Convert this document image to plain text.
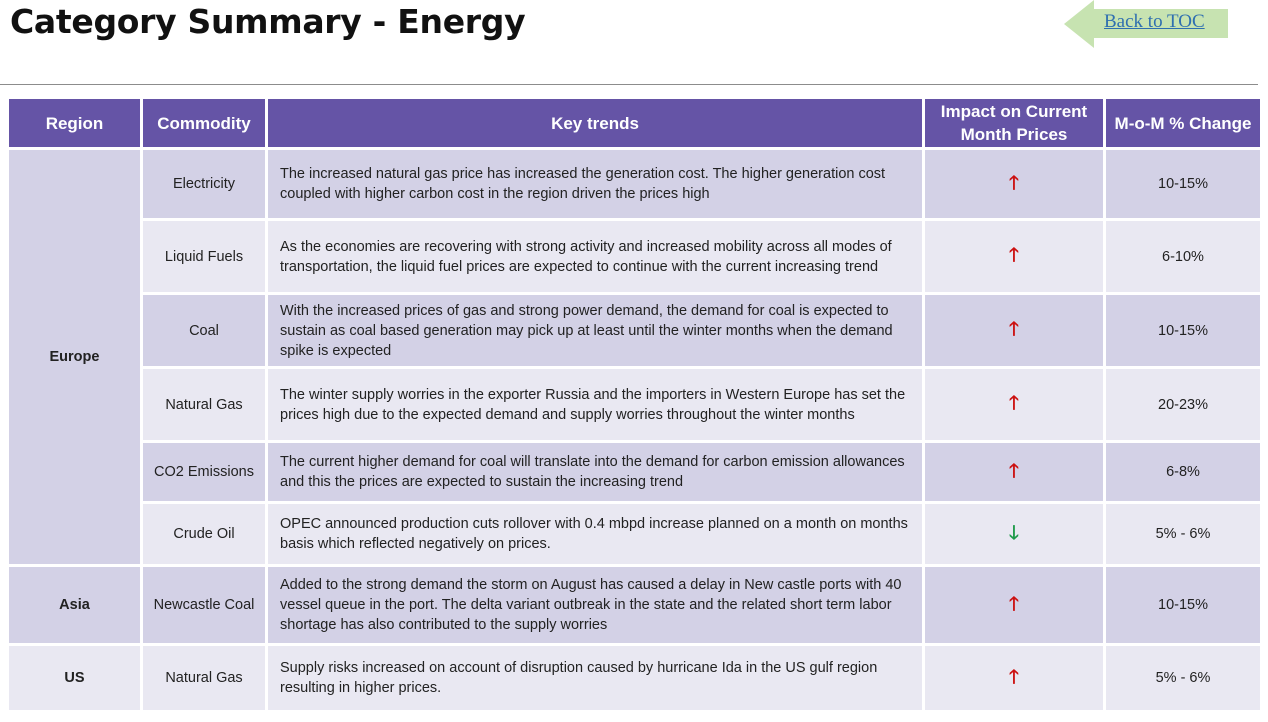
Category Summary - Energy	Back to TOC
Region	Commodity	Key trends	Impact on Current Month Prices	M-o-M % Change
Europe	Electricity	The increased natural gas price has increased the generation cost. The higher generation cost coupled with higher carbon cost in the region driven the prices high	🡑	10-15%
	Liquid Fuels	As the economies are recovering with strong activity and increased mobility across all modes of transportation, the liquid fuel prices are expected to continue with the current increasing trend	🡑	6-10%
	Coal	With the increased prices of gas and strong power demand, the demand for coal is expected to sustain as coal based generation may pick up at least until the winter months when the demand spike is expected	🡑	10-15%
	Natural Gas	The winter supply worries in the exporter Russia and the importers in Western Europe has set the prices high due to the expected demand and supply worries throughout the winter months	🡑	20-23%
	CO2 Emissions	The current higher demand for coal will translate into the demand for carbon emission allowances and this the prices are expected to sustain the increasing trend	🡑	6-8%
	Crude Oil	OPEC announced production cuts rollover with 0.4 mbpd increase planned on a month on months basis which reflected negatively on prices.	🡓	5% - 6%
Asia	Newcastle Coal	Added to the strong demand the storm on August has caused a delay in New castle ports with 40 vessel queue in the port. The delta variant outbreak in the state and the related short term labor shortage has also contributed to the supply worries	🡑	10-15%
US	Natural Gas	Supply risks increased on account of disruption caused by hurricane Ida in the US gulf region resulting in higher prices.	🡑	5% - 6%
